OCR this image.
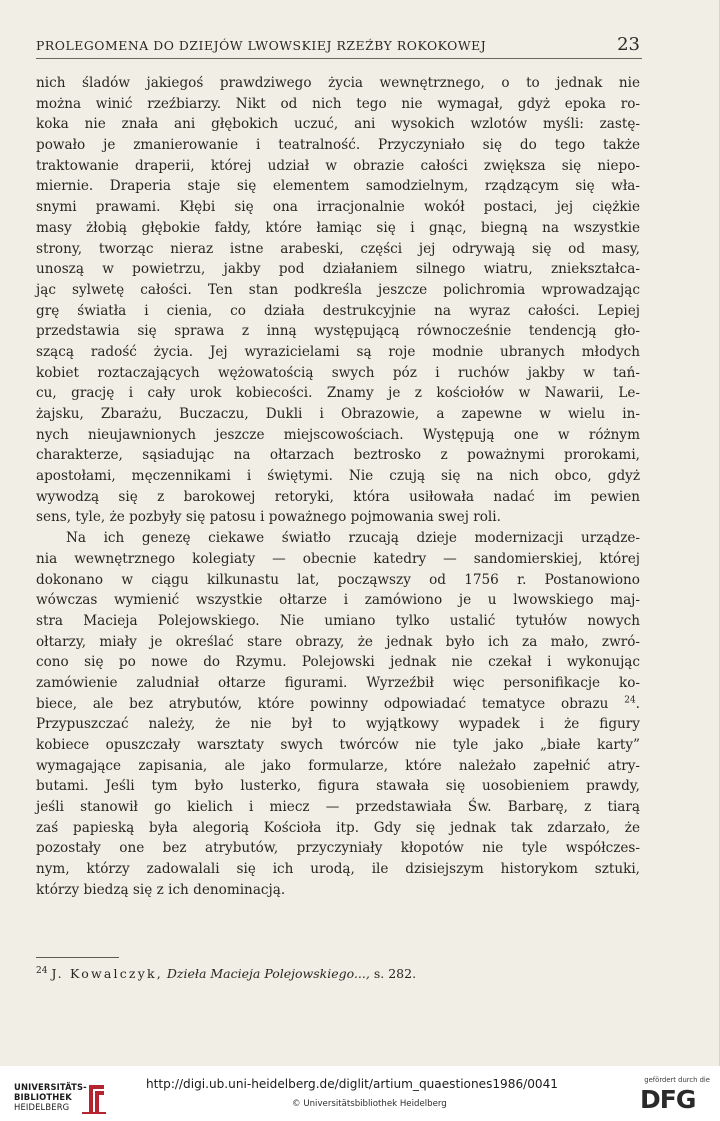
PROLEGOMENA DO DZIEJÓW LWOWSKIEJ RZEŹBY ROKOKOWEJ	23
nich śladów jakiegoś prawdziwego życia wewnętrznego, o to jednak nie
można winić rzeźbiarzy. Nikt od nich tego nie wymagał, gdyż epoka ro-
koka nie znała ani głębokich uczuć, ani wysokich wzlotów myśli: zastę-
powało je zmanierowanie i teatralność. Przyczyniało się do tego także
traktowanie draperii, której udział w obrazie całości zwiększa się niepo-
miernie. Draperia staje się elementem samodzielnym, rządzącym się wła-
snymi prawami. Kłębi się ona irracjonalnie wokół postaci, jej ciężkie
masy żłobią głębokie fałdy, które łamiąc się i gnąc, biegną na wszystkie
strony, tworząc nieraz istne arabeski, części jej odrywają się od masy,
unoszą w powietrzu, jakby pod działaniem silnego wiatru, zniekształca-
jąc sylwetę całości. Ten stan podkreśla jeszcze polichromia wprowadzając
grę światła i cienia, co działa destrukcyjnie na wyraz całości. Lepiej
przedstawia się sprawa z inną występującą równocześnie tendencją gło-
szącą radość życia. Jej wyrazicielami są roje modnie ubranych młodych
kobiet roztaczających wężowatością swych póz i ruchów jakby w tań-
cu, grację i cały urok kobiecości. Znamy je z kościołów w Nawarii, Le-
żajsku, Zbarażu, Buczaczu, Dukli i Obrazowie, a zapewne w wielu in-
nych nieujawnionych jeszcze miejscowościach. Występują one w różnym
charakterze, sąsiadując na ołtarzach beztrosko z poważnymi prorokami,
apostołami, męczennikami i świętymi. Nie czują się na nich obco, gdyż
wywodzą się z barokowej retoryki, która usiłowała nadać im pewien
sens, tyle, że pozbyły się patosu i poważnego pojmowania swej roli.
Na ich genezę ciekawe światło rzucają dzieje modernizacji urządze-
nia wewnętrznego kolegiaty — obecnie katedry — sandomierskiej, której
dokonano w ciągu kilkunastu lat, począwszy od 1756 r. Postanowiono
wówczas wymienić wszystkie ołtarze i zamówiono je u lwowskiego maj-
stra Macieja Polejowskiego. Nie umiano tylko ustalić tytułów nowych
ołtarzy, miały je określać stare obrazy, że jednak było ich za mało, zwró-
cono się po nowe do Rzymu. Polejowski jednak nie czekał i wykonując
zamówienie zaludniał ołtarze figurami. Wyrzeźbił więc personifikacje ko-
biece, ale bez atrybutów, które powinny odpowiadać tematyce obrazu $^{24}$.
Przypuszczać należy, że nie był to wyjątkowy wypadek i że figury
kobiece opuszczały warsztaty swych twórców nie tyle jako „białe karty”
wymagające zapisania, ale jako formularze, które należało zapełnić atry-
butami. Jeśli tym było lusterko, figura stawała się uosobieniem prawdy,
jeśli stanowił go kielich i miecz — przedstawiała Św. Barbarę, z tiarą
zaś papieską była alegorią Kościoła itp. Gdy się jednak tak zdarzało, że
pozostały one bez atrybutów, przyczyniały kłopotów nie tyle współczes-
nym, którzy zadowalali się ich urodą, ile dzisiejszym historykom sztuki,
którzy biedzą się z ich denominacją.
$^{24}$ J. Kowalczyk, Dzieła Macieja Polejowskiego..., s. 282.
UNIVERSITÄTS-
BIBLIOTHEK
HEIDELBERG
http://digi.ub.uni-heidelberg.de/diglit/artium_quaestiones1986/0041
© Universitätsbibliothek Heidelberg
gefördert durch die
DFG
